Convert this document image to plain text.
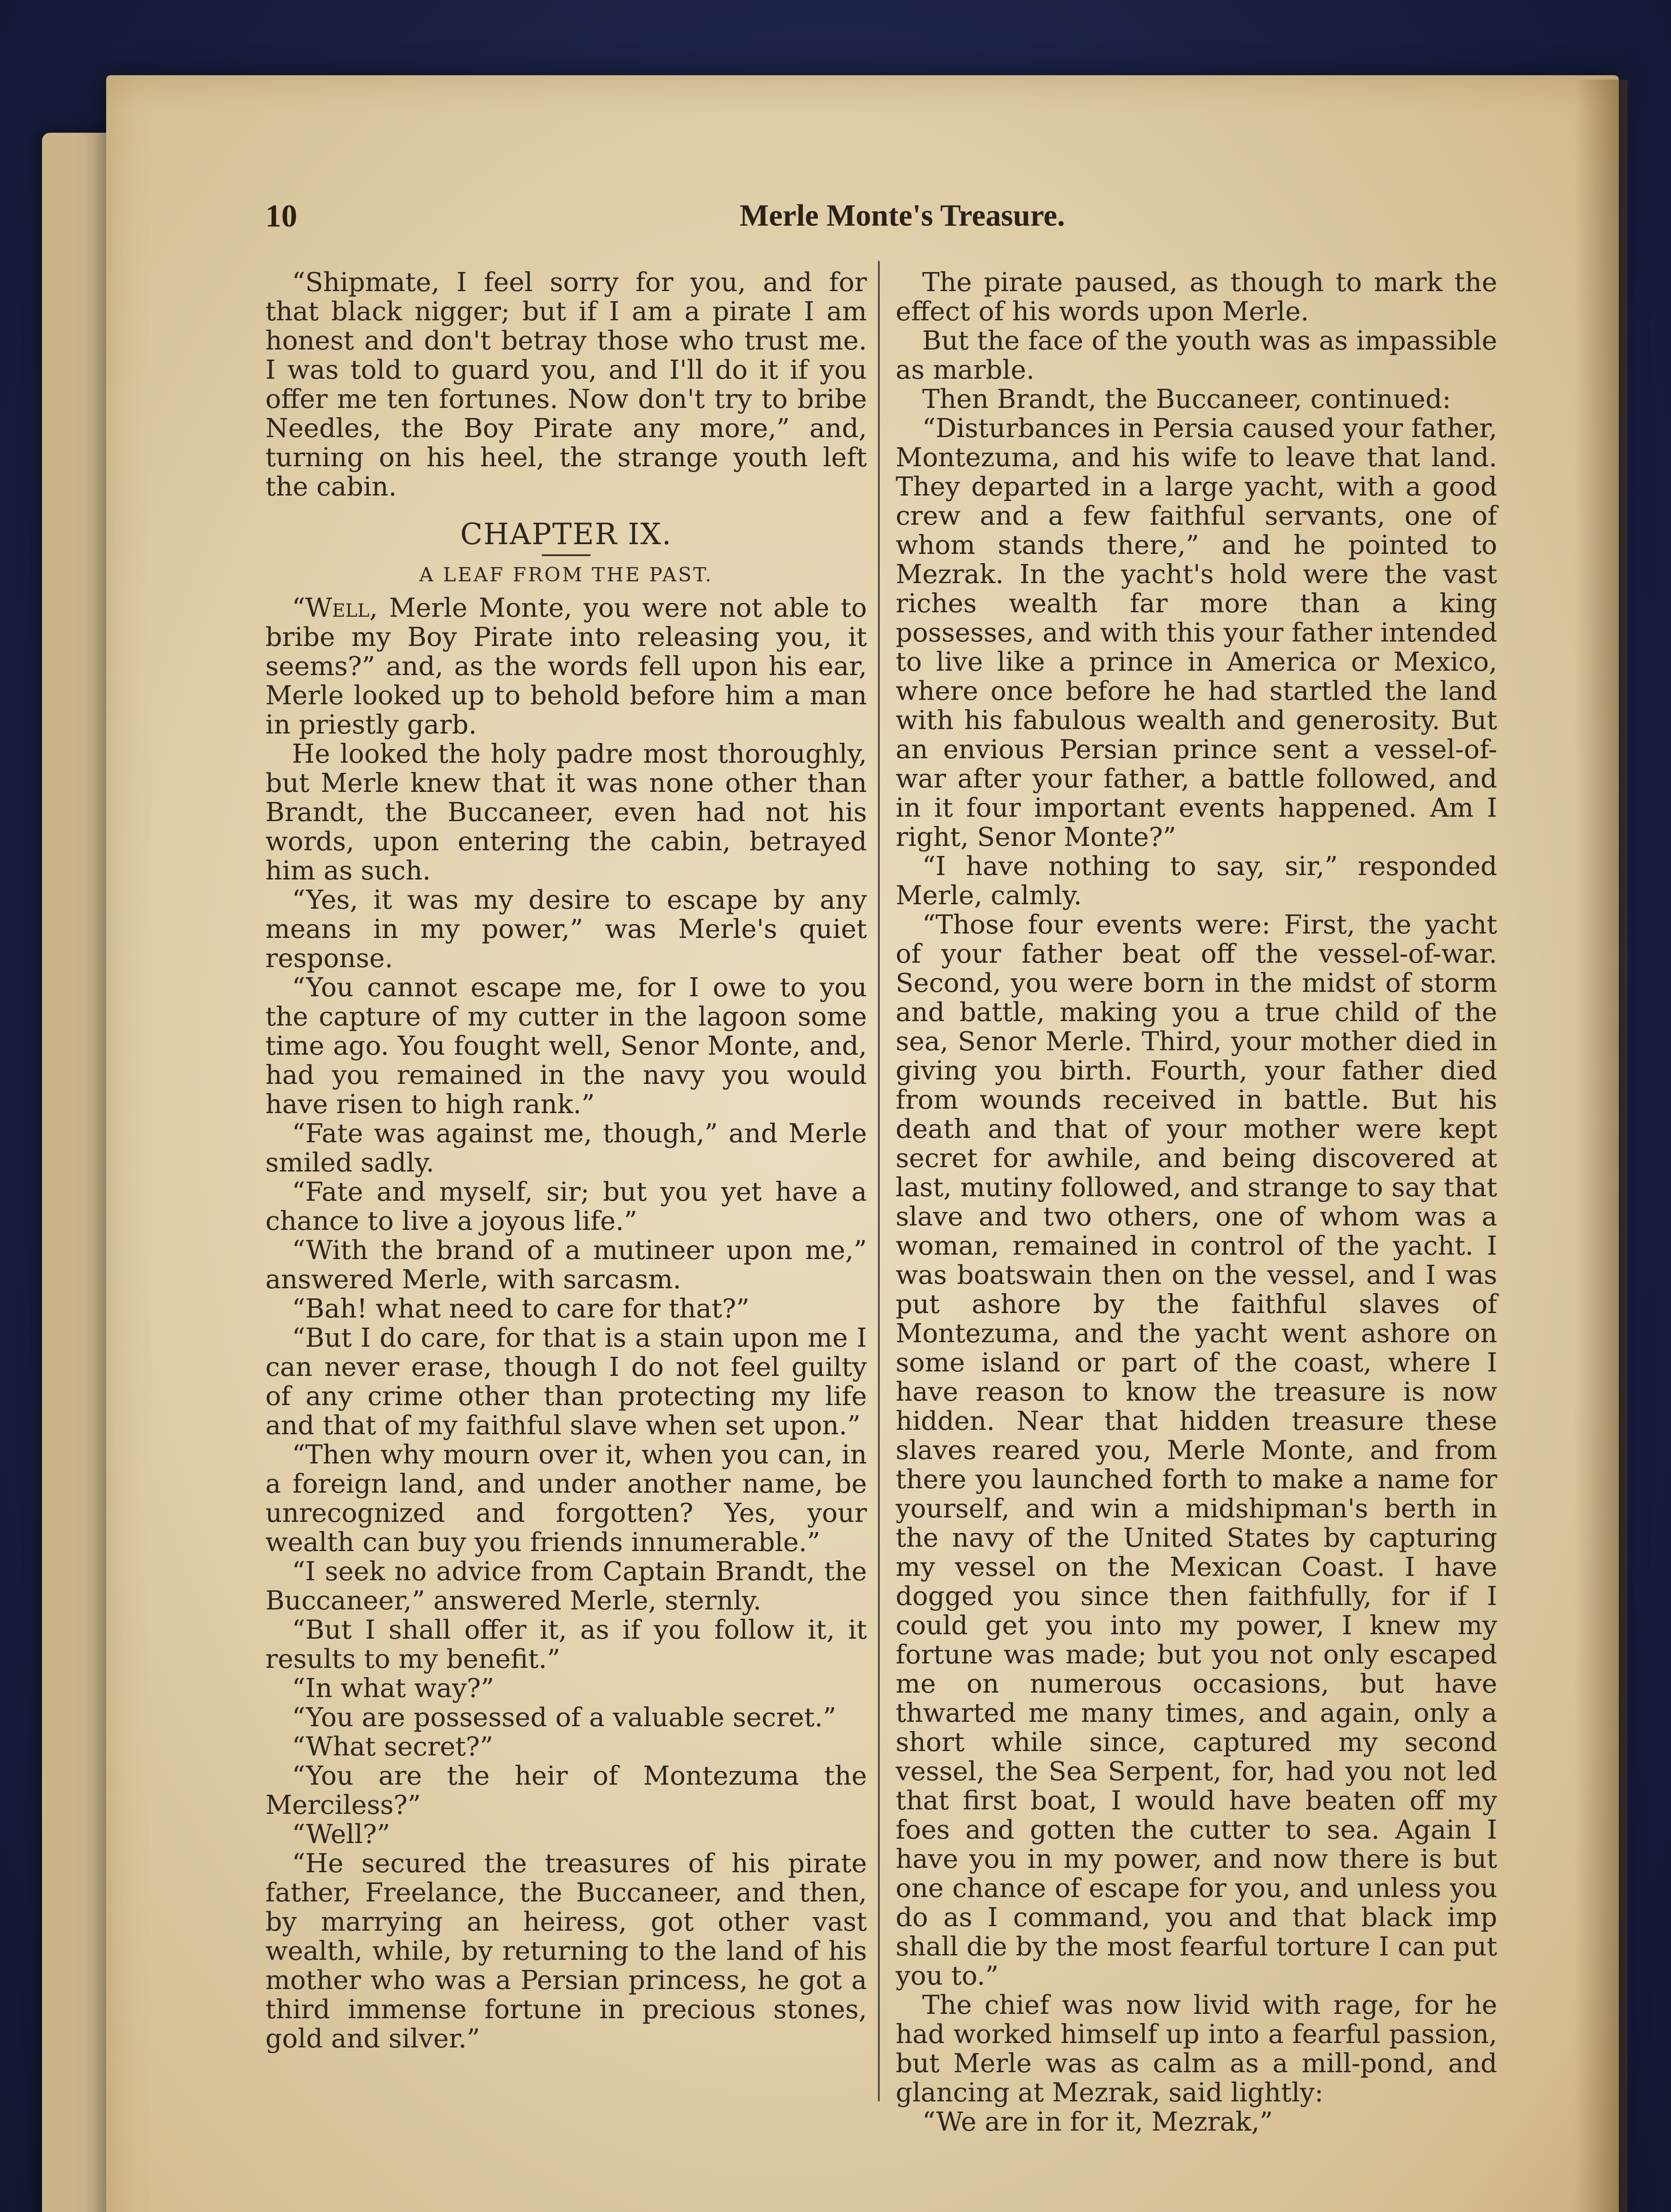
10	Merle Monte's Treasure.

“Shipmate, I feel sorry for you, and for that black nigger; but if I am a pirate I am honest and don't betray those who trust me. I was told to guard you, and I'll do it if you offer me ten fortunes. Now don't try to bribe Needles, the Boy Pirate any more,” and, turning on his heel, the strange youth left the cabin.

CHAPTER IX.
A LEAF FROM THE PAST.

“Well, Merle Monte, you were not able to bribe my Boy Pirate into releasing you, it seems?” and, as the words fell upon his ear, Merle looked up to behold before him a man in priestly garb.

He looked the holy padre most thoroughly, but Merle knew that it was none other than Brandt, the Buccaneer, even had not his words, upon entering the cabin, betrayed him as such.

“Yes, it was my desire to escape by any means in my power,” was Merle's quiet response.

“You cannot escape me, for I owe to you the capture of my cutter in the lagoon some time ago. You fought well, Senor Monte, and, had you remained in the navy you would have risen to high rank.”

“Fate was against me, though,” and Merle smiled sadly.

“Fate and myself, sir; but you yet have a chance to live a joyous life.”

“With the brand of a mutineer upon me,” answered Merle, with sarcasm.

“Bah! what need to care for that?”

“But I do care, for that is a stain upon me I can never erase, though I do not feel guilty of any crime other than protecting my life and that of my faithful slave when set upon.”

“Then why mourn over it, when you can, in a foreign land, and under another name, be unrecognized and forgotten? Yes, your wealth can buy you friends innumerable.”

“I seek no advice from Captain Brandt, the Buccaneer,” answered Merle, sternly.

“But I shall offer it, as if you follow it, it results to my benefit.”

“In what way?”

“You are possessed of a valuable secret.”

“What secret?”

“You are the heir of Montezuma the Merciless?”

“Well?”

“He secured the treasures of his pirate father, Freelance, the Buccaneer, and then, by marrying an heiress, got other vast wealth, while, by returning to the land of his mother who was a Persian princess, he got a third immense fortune in precious stones, gold and silver.”

The pirate paused, as though to mark the effect of his words upon Merle.

But the face of the youth was as impassible as marble.

Then Brandt, the Buccaneer, continued:

“Disturbances in Persia caused your father, Montezuma, and his wife to leave that land. They departed in a large yacht, with a good crew and a few faithful servants, one of whom stands there,” and he pointed to Mezrak. In the yacht's hold were the vast riches wealth far more than a king possesses, and with this your father intended to live like a prince in America or Mexico, where once before he had startled the land with his fabulous wealth and generosity. But an envious Persian prince sent a vessel-of-war after your father, a battle followed, and in it four important events happened. Am I right, Senor Monte?”

“I have nothing to say, sir,” responded Merle, calmly.

“Those four events were: First, the yacht of your father beat off the vessel-of-war. Second, you were born in the midst of storm and battle, making you a true child of the sea, Senor Merle. Third, your mother died in giving you birth. Fourth, your father died from wounds received in battle. But his death and that of your mother were kept secret for awhile, and being discovered at last, mutiny followed, and strange to say that slave and two others, one of whom was a woman, remained in control of the yacht. I was boatswain then on the vessel, and I was put ashore by the faithful slaves of Montezuma, and the yacht went ashore on some island or part of the coast, where I have reason to know the treasure is now hidden. Near that hidden treasure these slaves reared you, Merle Monte, and from there you launched forth to make a name for yourself, and win a midshipman's berth in the navy of the United States by capturing my vessel on the Mexican Coast. I have dogged you since then faithfully, for if I could get you into my power, I knew my fortune was made; but you not only escaped me on numerous occasions, but have thwarted me many times, and again, only a short while since, captured my second vessel, the Sea Serpent, for, had you not led that first boat, I would have beaten off my foes and gotten the cutter to sea. Again I have you in my power, and now there is but one chance of escape for you, and unless you do as I command, you and that black imp shall die by the most fearful torture I can put you to.”

The chief was now livid with rage, for he had worked himself up into a fearful passion, but Merle was as calm as a mill-pond, and glancing at Mezrak, said lightly:

“We are in for it, Mezrak,”
